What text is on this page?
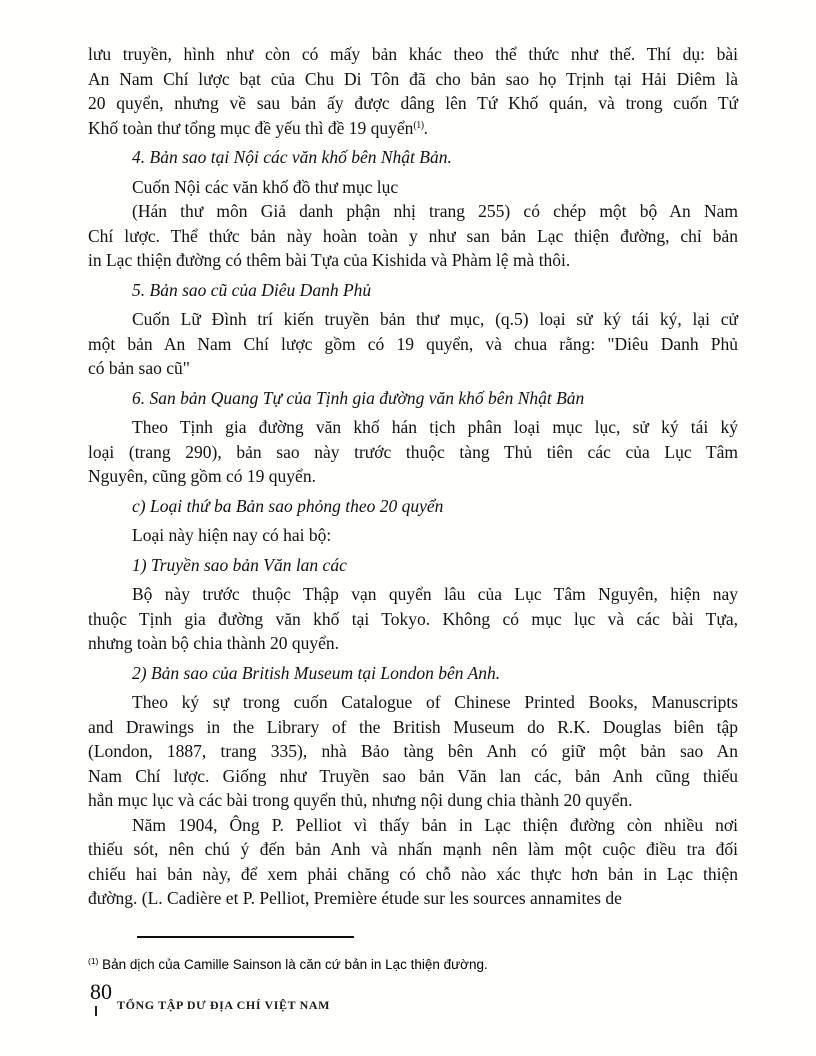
lưu truyền, hình như còn có mấy bản khác theo thể thức như thế. Thí dụ: bài
An Nam Chí lược bạt của Chu Di Tôn đã cho bản sao họ Trịnh tại Hải Diêm là
20 quyển, nhưng về sau bản ấy được dâng lên Tứ Khố quán, và trong cuốn Tứ
Khố toàn thư tổng mục đề yếu thì đề 19 quyển$^{(1)}$.
4. Bản sao tại Nội các văn khố bên Nhật Bản.
Cuốn Nội các văn khố đồ thư mục lục
(Hán thư môn Giả danh phận nhị trang 255) có chép một bộ An Nam
Chí lược. Thể thức bản này hoàn toàn y như san bản Lạc thiện đường, chỉ bản
in Lạc thiện đường có thêm bài Tựa của Kishida và Phàm lệ mà thôi.
5. Bản sao cũ của Diêu Danh Phủ
Cuốn Lữ Đình trí kiến truyền bản thư mục, (q.5) loại sử ký tái ký, lại cử
một bản An Nam Chí lược gồm có 19 quyển, và chua rằng: "Diêu Danh Phủ
có bản sao cũ"
6. San bản Quang Tự của Tịnh gia đường văn khố bên Nhật Bản
Theo Tịnh gia đường văn khố hán tịch phân loại mục lục, sử ký tái ký
loại (trang 290), bản sao này trước thuộc tàng Thủ tiên các của Lục Tâm
Nguyên, cũng gồm có 19 quyển.
c) Loại thứ ba Bản sao phỏng theo 20 quyển
Loại này hiện nay có hai bộ:
1) Truyền sao bản Văn lan các
Bộ này trước thuộc Thập vạn quyển lâu của Lục Tâm Nguyên, hiện nay
thuộc Tịnh gia đường văn khố tại Tokyo. Không có mục lục và các bài Tựa,
nhưng toàn bộ chia thành 20 quyển.
2) Bản sao của British Museum tại London bên Anh.
Theo ký sự trong cuốn Catalogue of Chinese Printed Books, Manuscripts
and Drawings in the Library of the British Museum do R.K. Douglas biên tập
(London, 1887, trang 335), nhà Bảo tàng bên Anh có giữ một bản sao An
Nam Chí lược. Giống như Truyền sao bản Văn lan các, bản Anh cũng thiếu
hẳn mục lục và các bài trong quyển thủ, nhưng nội dung chia thành 20 quyển.
Năm 1904, Ông P. Pelliot vì thấy bản in Lạc thiện đường còn nhiều nơi
thiếu sót, nên chú ý đến bản Anh và nhấn mạnh nên làm một cuộc điều tra đối
chiếu hai bản này, để xem phải chăng có chỗ nào xác thực hơn bản in Lạc thiện
đường. (L. Cadière et P. Pelliot, Première étude sur les sources annamites de
$^{(1)}$ Bản dịch của Camille Sainson là căn cứ bản in Lạc thiện đường.
80
TỔNG TẬP DƯ ĐỊA CHÍ VIỆT NAM
